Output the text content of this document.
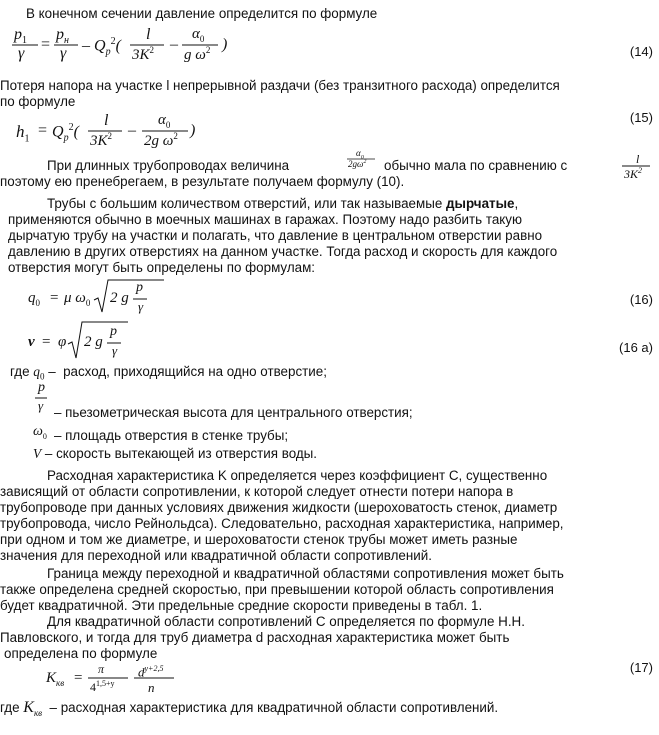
В конечном сечении давление определится по формуле
$p_1$
γ
=
$p_н$
γ – $Q_р^2$(
l
$3K^2$ –
$\alpha_0$
g $\omega^2$ )	(14)
Потеря напора на участке l непрерывной раздачи (без транзитного расхода) определится
по формуле
(15)
$h_1 = Q_р^2$(
l
$3K^2$ –
$\alpha_0$
2g $\omega^2$ )
При длинных трубопроводах величина
$\alpha_0$
$2g\omega^2$ обычно мала по сравнению с	l
$3K^2$
поэтому ею пренебрегаем, в результате получаем формулу (10).
Трубы с большим количеством отверстий, или так называемые дырчатые,
применяются обычно в моечных машинах в гаражах. Поэтому надо разбить такую
дырчатую трубу на участки и полагать, что давление в центральном отверстии равно
давлению в других отверстиях на данном участке. Тогда расход и скорость для каждого
отверстия могут быть определены по формулам:
$q_0 = \mu$ $\omega_0$ 2 g
p
γ	(16)
v = φ 2 g
p
γ	(16 а)
где $q_0$ –  расход, приходящийся на одно отверстие;
p
γ – пьезометрическая высота для центрального отверстия;
$\omega_0$ – площадь отверстия в стенке трубы;
V – скорость вытекающей из отверстия воды.
Расходная характеристика K определяется через коэффициент C, существенно
зависящий от области сопротивлении, к которой следует отнести потери напора в
трубопроводе при данных условиях движения жидкости (шероховатость стенок, диаметр
трубопровода, число Рейнольдса). Следовательно, расходная характеристика, например,
при одном и том же диаметре, и шероховатости стенок трубы может иметь разные
значения для переходной или квадратичной области сопротивлений.
Граница между переходной и квадратичной областями сопротивления может быть
также определена средней скоростью, при превышении которой область сопротивления
будет квадратичной. Эти предельные средние скорости приведены в табл. 1.
Для квадратичной области сопротивлений C определяется по формуле Н.Н.
Павловского, и тогда для труб диаметра d расходная характеристика может быть
определена по формуле
$K_{кв}$ =
π
$4^{1,5+y}$
$d^{y+2,5}$
n
(17)
где $K_{кв}$ – расходная характеристика для квадратичной области сопротивлений.
